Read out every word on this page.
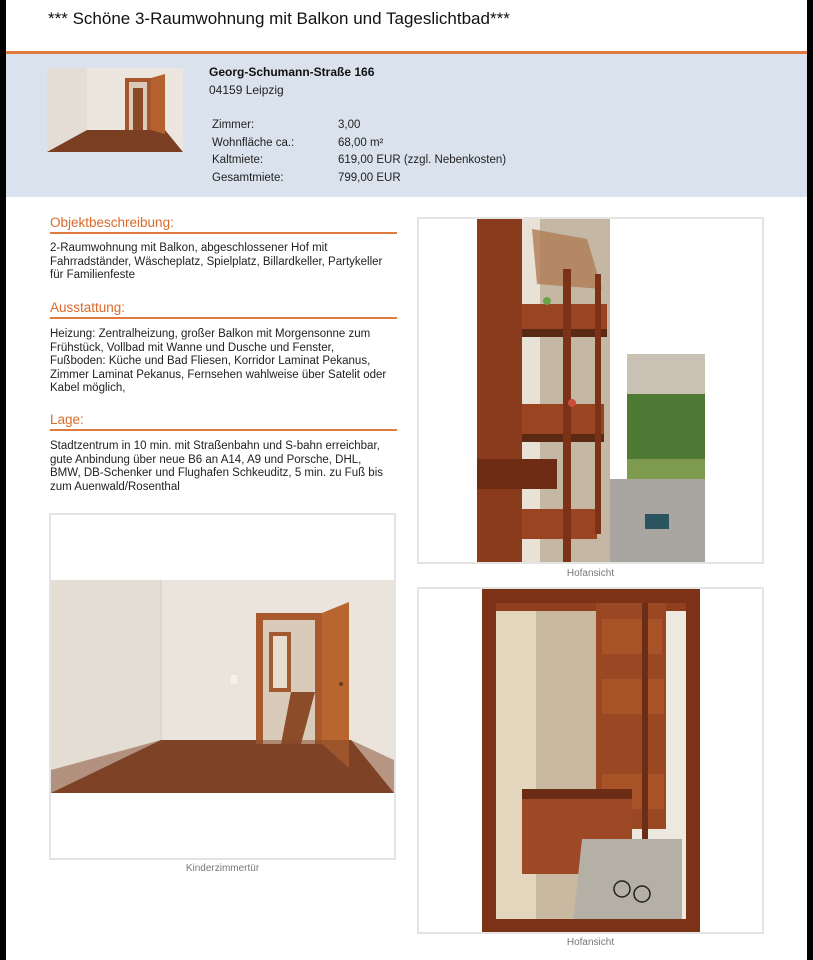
*** Schöne 3-Raumwohnung mit Balkon und Tageslichtbad***
Georg-Schumann-Straße 166
04159 Leipzig
Zimmer:	3,00
Wohnfläche ca.:	68,00 m²
Kaltmiete:	619,00 EUR (zzgl. Nebenkosten)
Gesamtmiete:	799,00 EUR
Objektbeschreibung:
2-Raumwohnung mit Balkon, abgeschlossener Hof mit
Fahrradständer, Wäscheplatz, Spielplatz, Billardkeller, Partykeller
für Familienfeste
Ausstattung:
Heizung: Zentralheizung, großer Balkon mit Morgensonne zum
Frühstück, Vollbad mit Wanne und Dusche und Fenster,
Fußboden: Küche und Bad Fliesen, Korridor Laminat Pekanus,
Zimmer Laminat Pekanus, Fernsehen wahlweise über Satelit oder
Kabel möglich,
Lage:
Stadtzentrum in 10 min. mit Straßenbahn und S-bahn erreichbar,
gute Anbindung über neue B6 an A14, A9 und Porsche, DHL,
BMW, DB-Schenker und Flughafen Schkeuditz, 5 min. zu Fuß bis
zum Auenwald/Rosenthal
Kinderzimmertür
Hofansicht
Hofansicht
